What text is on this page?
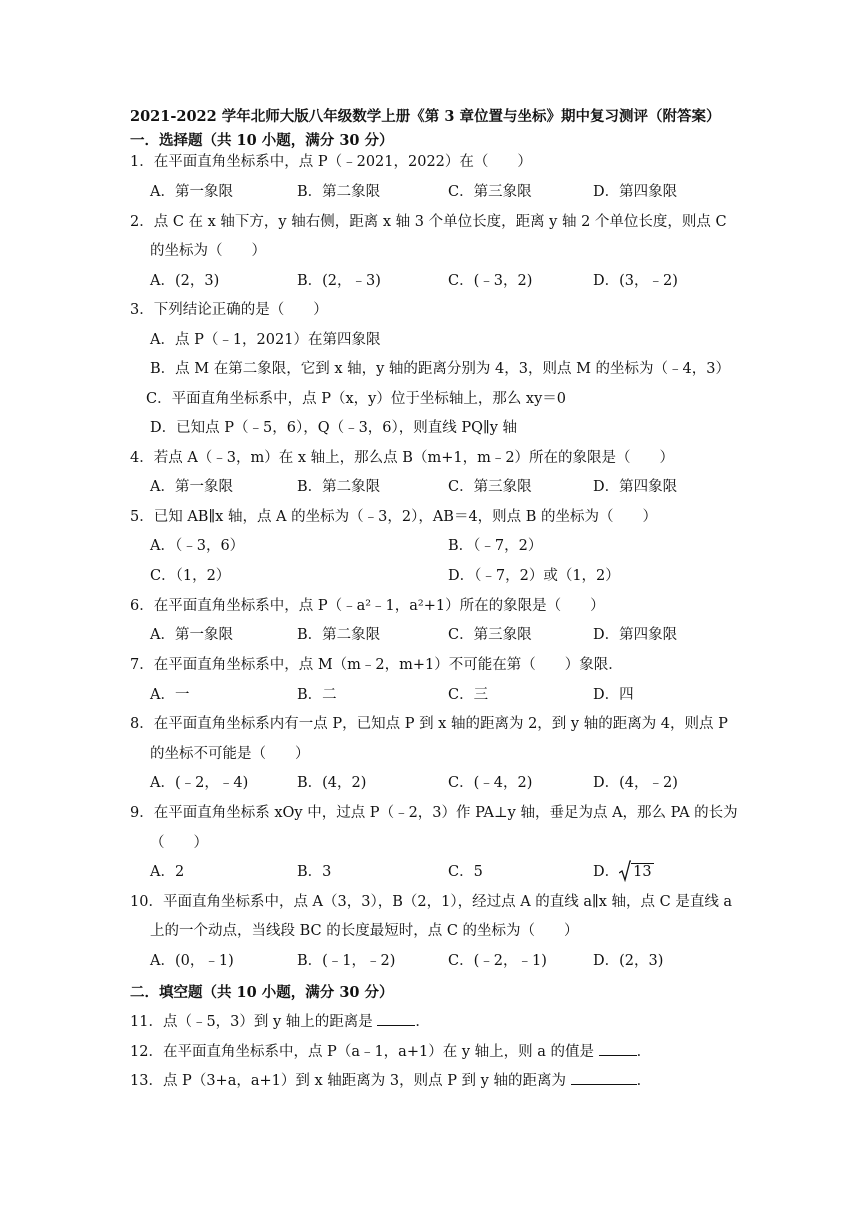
2021-2022 学年北师大版八年级数学上册《第 3 章位置与坐标》期中复习测评（附答案）
一．选择题（共 10 小题，满分 30 分）
1．在平面直角坐标系中，点 P（﹣2021，2022）在（　　）
A．第一象限	B．第二象限	C．第三象限	D．第四象限
2．点 C 在 x 轴下方，y 轴右侧，距离 x 轴 3 个单位长度，距离 y 轴 2 个单位长度，则点 C
的坐标为（　　）
A．(2，3)	B．(2，﹣3)	C．(﹣3，2)	D．(3，﹣2)
3．下列结论正确的是（　　）
A．点 P（﹣1，2021）在第四象限
B．点 M 在第二象限，它到 x 轴，y 轴的距离分别为 4，3，则点 M 的坐标为（﹣4，3）
C．平面直角坐标系中，点 P（x，y）位于坐标轴上，那么 xy＝0
D．已知点 P（﹣5，6），Q（﹣3，6），则直线 PQ∥y 轴
4．若点 A（﹣3，m）在 x 轴上，那么点 B（m+1，m﹣2）所在的象限是（　　）
A．第一象限	B．第二象限	C．第三象限	D．第四象限
5．已知 AB∥x 轴，点 A 的坐标为（﹣3，2），AB＝4，则点 B 的坐标为（　　）
A．（﹣3，6）	B．（﹣7，2）
C．（1，2）	D．（﹣7，2）或（1，2）
6．在平面直角坐标系中，点 P（﹣a²﹣1，a²+1）所在的象限是（　　）
A．第一象限	B．第二象限	C．第三象限	D．第四象限
7．在平面直角坐标系中，点 M（m﹣2，m+1）不可能在第（　　）象限．
A．一	B．二	C．三	D．四
8．在平面直角坐标系内有一点 P，已知点 P 到 x 轴的距离为 2，到 y 轴的距离为 4，则点 P
的坐标不可能是（　　）
A．(﹣2，﹣4)	B．(4，2)	C．(﹣4，2)	D．(4，﹣2)
9．在平面直角坐标系 xOy 中，过点 P（﹣2，3）作 PA⊥y 轴，垂足为点 A，那么 PA 的长为
（　　）
A．2	B．3	C．5	D． 13
10．平面直角坐标系中，点 A（3，3），B（2，1），经过点 A 的直线 a∥x 轴，点 C 是直线 a
上的一个动点，当线段 BC 的长度最短时，点 C 的坐标为（　　）
A．(0，﹣1)	B．(﹣1，﹣2)	C．(﹣2，﹣1)	D．(2，3)
二．填空题（共 10 小题，满分 30 分）
11．点（﹣5，3）到 y 轴上的距离是	．
12．在平面直角坐标系中，点 P（a﹣1，a+1）在 y 轴上，则 a 的值是	．
13．点 P（3+a，a+1）到 x 轴距离为 3，则点 P 到 y 轴的距离为	．
